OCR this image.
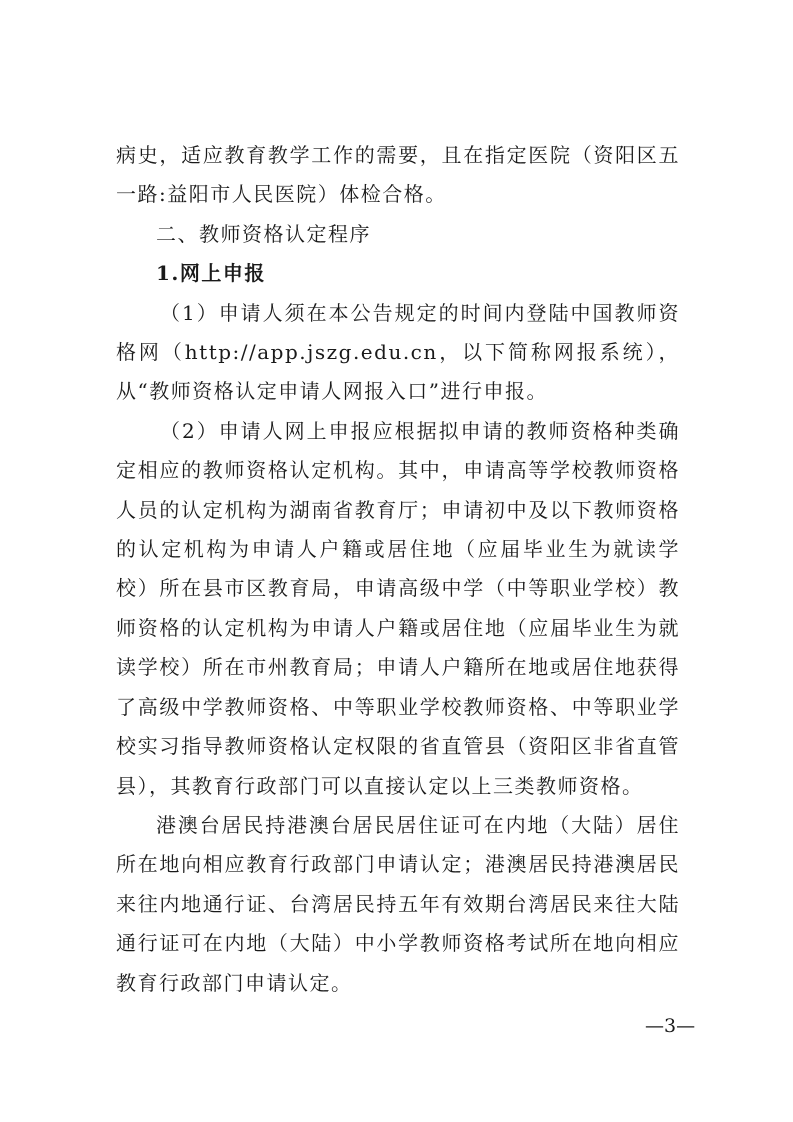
病史，适应教育教学工作的需要，且在指定医院（资阳区五一路:益阳市人民医院）体检合格。

二、教师资格认定程序

1.网上申报

（1）申请人须在本公告规定的时间内登陆中国教师资格网（http://app.jszg.edu.cn，以下简称网报系统），从“教师资格认定申请人网报入口”进行申报。

（2）申请人网上申报应根据拟申请的教师资格种类确定相应的教师资格认定机构。其中，申请高等学校教师资格人员的认定机构为湖南省教育厅；申请初中及以下教师资格的认定机构为申请人户籍或居住地（应届毕业生为就读学校）所在县市区教育局，申请高级中学（中等职业学校）教师资格的认定机构为申请人户籍或居住地（应届毕业生为就读学校）所在市州教育局；申请人户籍所在地或居住地获得了高级中学教师资格、中等职业学校教师资格、中等职业学校实习指导教师资格认定权限的省直管县（资阳区非省直管县），其教育行政部门可以直接认定以上三类教师资格。

港澳台居民持港澳台居民居住证可在内地（大陆）居住所在地向相应教育行政部门申请认定；港澳居民持港澳居民来往内地通行证、台湾居民持五年有效期台湾居民来往大陆通行证可在内地（大陆）中小学教师资格考试所在地向相应教育行政部门申请认定。

—3—
